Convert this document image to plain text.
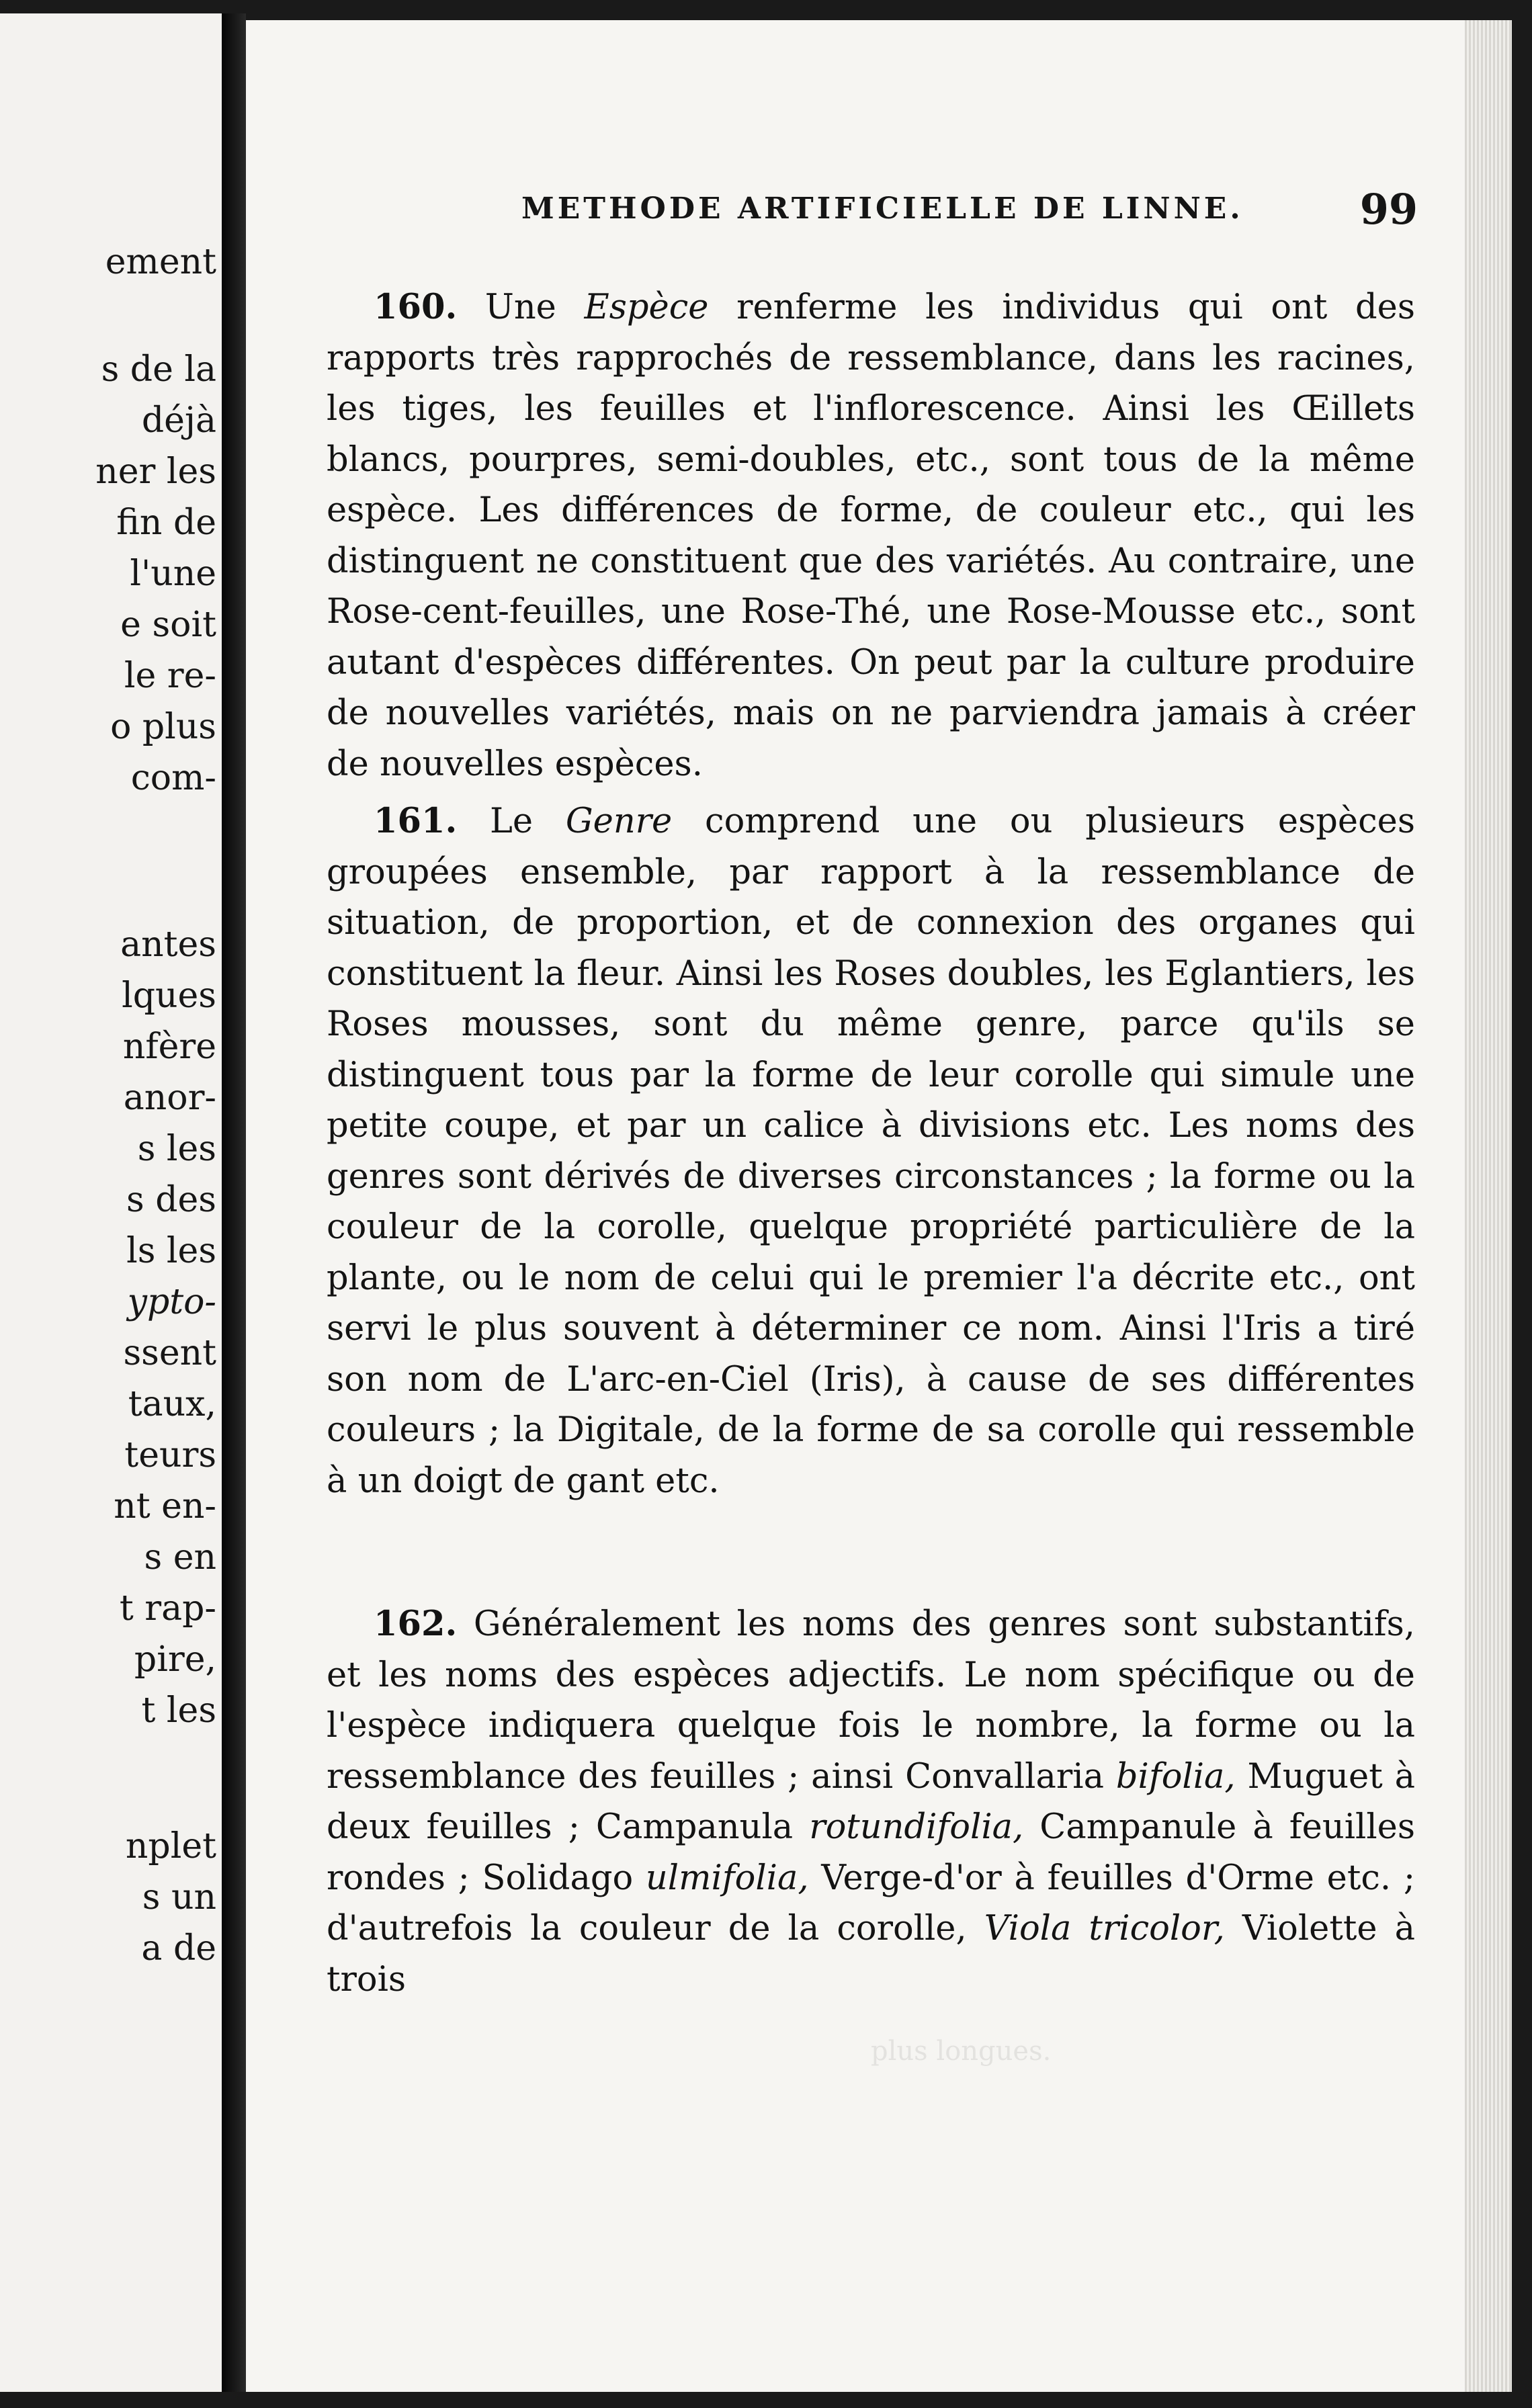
ement
s de la
déjà
ner les
fin de
l'une
e soit
le re-
o plus
com-
antes
lques
nfère
anor-
s les
s des
ls les
ypto-
ssent
taux,
teurs
nt en-
s en
t rap-
pire,
t les
nplet
s un
a de
METHODE ARTIFICIELLE DE LINNE.	99

160. Une Espèce renferme les individus qui ont des rapports très rapprochés de ressemblance, dans les racines, les tiges, les feuilles et l'inflorescence. Ainsi les Œillets blancs, pourpres, semi-doubles, etc., sont tous de la même espèce. Les différences de forme, de couleur etc., qui les distinguent ne constituent que des variétés. Au contraire, une Rose-cent-feuilles, une Rose-Thé, une Rose-Mousse etc., sont autant d'espèces différentes. On peut par la culture produire de nouvelles variétés, mais on ne parviendra jamais à créer de nouvelles espèces.

161. Le Genre comprend une ou plusieurs espèces groupées ensemble, par rapport à la ressemblance de situation, de proportion, et de connexion des organes qui constituent la fleur. Ainsi les Roses doubles, les Eglantiers, les Roses mousses, sont du même genre, parce qu'ils se distinguent tous par la forme de leur corolle qui simule une petite coupe, et par un calice à divisions etc. Les noms des genres sont dérivés de diverses circonstances ; la forme ou la couleur de la corolle, quelque propriété particulière de la plante, ou le nom de celui qui le premier l'a décrite etc., ont servi le plus souvent à déterminer ce nom. Ainsi l'Iris a tiré son nom de L'arc-en-Ciel (Iris), à cause de ses différentes couleurs ; la Digitale, de la forme de sa corolle qui ressemble à un doigt de gant etc.

162. Généralement les noms des genres sont substantifs, et les noms des espèces adjectifs. Le nom spécifique ou de l'espèce indiquera quelque fois le nombre, la forme ou la ressemblance des feuilles ; ainsi Convallaria bifolia, Muguet à deux feuilles ; Campanula rotundifolia, Campanule à feuilles rondes ; Solidago ulmifolia, Verge-d'or à feuilles d'Orme etc. ; d'autrefois la couleur de la corolle, Viola tricolor, Violette à trois

plus longues.
